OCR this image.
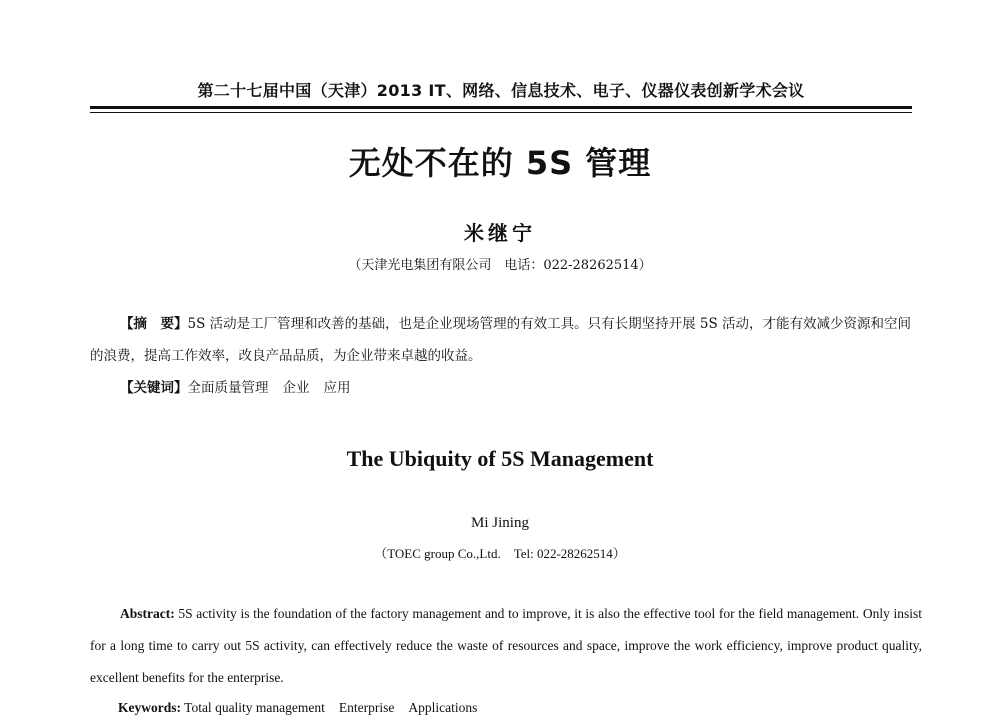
第二十七届中国（天津）2013 IT、网络、信息技术、电子、仪器仪表创新学术会议
无处不在的 5S 管理
米继宁
（天津光电集团有限公司　电话：022-28262514）
【摘　要】5S 活动是工厂管理和改善的基础，也是企业现场管理的有效工具。只有长期坚持开展 5S 活动，才能有效减少资源和空间的浪费，提高工作效率，改良产品品质，为企业带来卓越的收益。
【关键词】全面质量管理 企业 应用
The Ubiquity of 5S Management
Mi Jining
（TOEC group Co.,Ltd.　Tel: 022-28262514）
Abstract: 5S activity is the foundation of the factory management and to improve, it is also the effective tool for the field management. Only insist for a long time to carry out 5S activity, can effectively reduce the waste of resources and space, improve the work efficiency, improve product quality, excellent benefits for the enterprise.
Keywords: Total quality management Enterprise Applications
